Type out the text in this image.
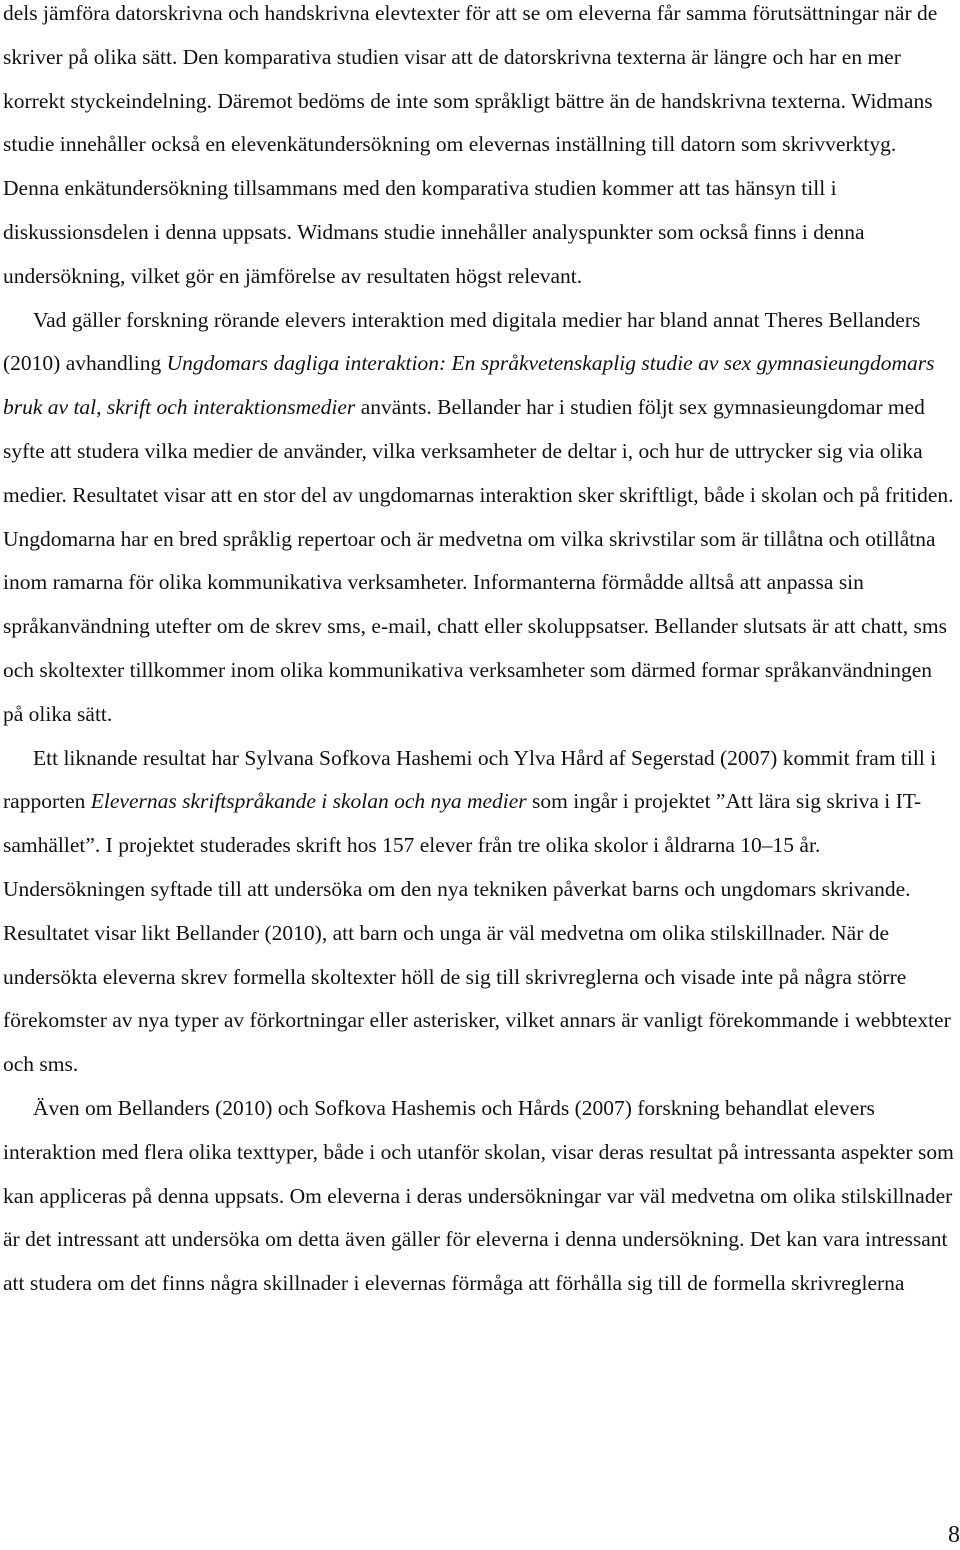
dels jämföra datorskrivna och handskrivna elevtexter för att se om eleverna får samma förutsättningar när de skriver på olika sätt. Den komparativa studien visar att de datorskrivna texterna är längre och har en mer korrekt styckeindelning. Däremot bedöms de inte som språkligt bättre än de handskrivna texterna. Widmans studie innehåller också en elevenkätundersökning om elevernas inställning till datorn som skrivverktyg. Denna enkätundersökning tillsammans med den komparativa studien kommer att tas hänsyn till i diskussionsdelen i denna uppsats. Widmans studie innehåller analyspunkter som också finns i denna undersökning, vilket gör en jämförelse av resultaten högst relevant.

Vad gäller forskning rörande elevers interaktion med digitala medier har bland annat Theres Bellanders (2010) avhandling Ungdomars dagliga interaktion: En språkvetenskaplig studie av sex gymnasieungdomars bruk av tal, skrift och interaktionsmedier använts. Bellander har i studien följt sex gymnasieungdomar med syfte att studera vilka medier de använder, vilka verksamheter de deltar i, och hur de uttrycker sig via olika medier. Resultatet visar att en stor del av ungdomarnas interaktion sker skriftligt, både i skolan och på fritiden. Ungdomarna har en bred språklig repertoar och är medvetna om vilka skrivstilar som är tillåtna och otillåtna inom ramarna för olika kommunikativa verksamheter. Informanterna förmådde alltså att anpassa sin språkanvändning utefter om de skrev sms, e-mail, chatt eller skoluppsatser. Bellander slutsats är att chatt, sms och skoltexter tillkommer inom olika kommunikativa verksamheter som därmed formar språkanvändningen på olika sätt.

Ett liknande resultat har Sylvana Sofkova Hashemi och Ylva Hård af Segerstad (2007) kommit fram till i rapporten Elevernas skriftspråkande i skolan och nya medier som ingår i projektet ”Att lära sig skriva i IT-samhället”. I projektet studerades skrift hos 157 elever från tre olika skolor i åldrarna 10–15 år. Undersökningen syftade till att undersöka om den nya tekniken påverkat barns och ungdomars skrivande. Resultatet visar likt Bellander (2010), att barn och unga är väl medvetna om olika stilskillnader. När de undersökta eleverna skrev formella skoltexter höll de sig till skrivreglerna och visade inte på några större förekomster av nya typer av förkortningar eller asterisker, vilket annars är vanligt förekommande i webbtexter och sms.

Även om Bellanders (2010) och Sofkova Hashemis och Hårds (2007) forskning behandlat elevers interaktion med flera olika texttyper, både i och utanför skolan, visar deras resultat på intressanta aspekter som kan appliceras på denna uppsats. Om eleverna i deras undersökningar var väl medvetna om olika stilskillnader är det intressant att undersöka om detta även gäller för eleverna i denna undersökning. Det kan vara intressant att studera om det finns några skillnader i elevernas förmåga att förhålla sig till de formella skrivreglerna

8
